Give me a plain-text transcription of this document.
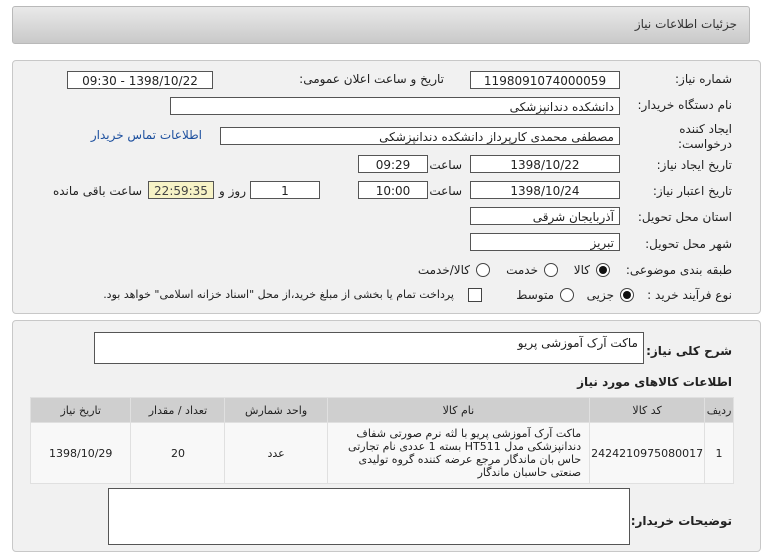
جزئیات اطلاعات نیاز
شماره نیاز:
1198091074000059
تاریخ و ساعت اعلان عمومی:
1398/10/22 - 09:30
نام دستگاه خریدار:
دانشکده دندانپزشکی
ایجاد کننده
درخواست:
مصطفی محمدی کارپرداز دانشکده دندانپزشکی
اطلاعات تماس خریدار
تاریخ ایجاد نیاز:
1398/10/22
ساعت
09:29
تاریخ اعتبار نیاز:
1398/10/24
ساعت
10:00
1
روز و
22:59:35
ساعت باقی مانده
استان محل تحویل:
آذربایجان شرقی
شهر محل تحویل:
تبریز
طبقه بندی موضوعی:
کالا
خدمت
کالا/خدمت
نوع فرآیند خرید :
جزیی
متوسط
پرداخت تمام یا بخشی از مبلغ خرید،از محل "اسناد خزانه اسلامی" خواهد بود.
شرح کلی نیاز:
ماکت آرک آموزشی پریو
اطلاعات کالاهای مورد نیاز
ردیف	کد کالا	نام کالا	واحد شمارش	تعداد / مقدار	تاریخ نیاز
1	2424210975080017	ماکت آرک آموزشی پریو با لثه نرم صورتی شفاف دندانپزشکی مدل HT511 بسته 1 عددی نام تجارتی حاس بان ماندگار مرجع عرضه کننده گروه تولیدی صنعتی حاسبان ماندگار	عدد	20	1398/10/29
توضیحات خریدار:
